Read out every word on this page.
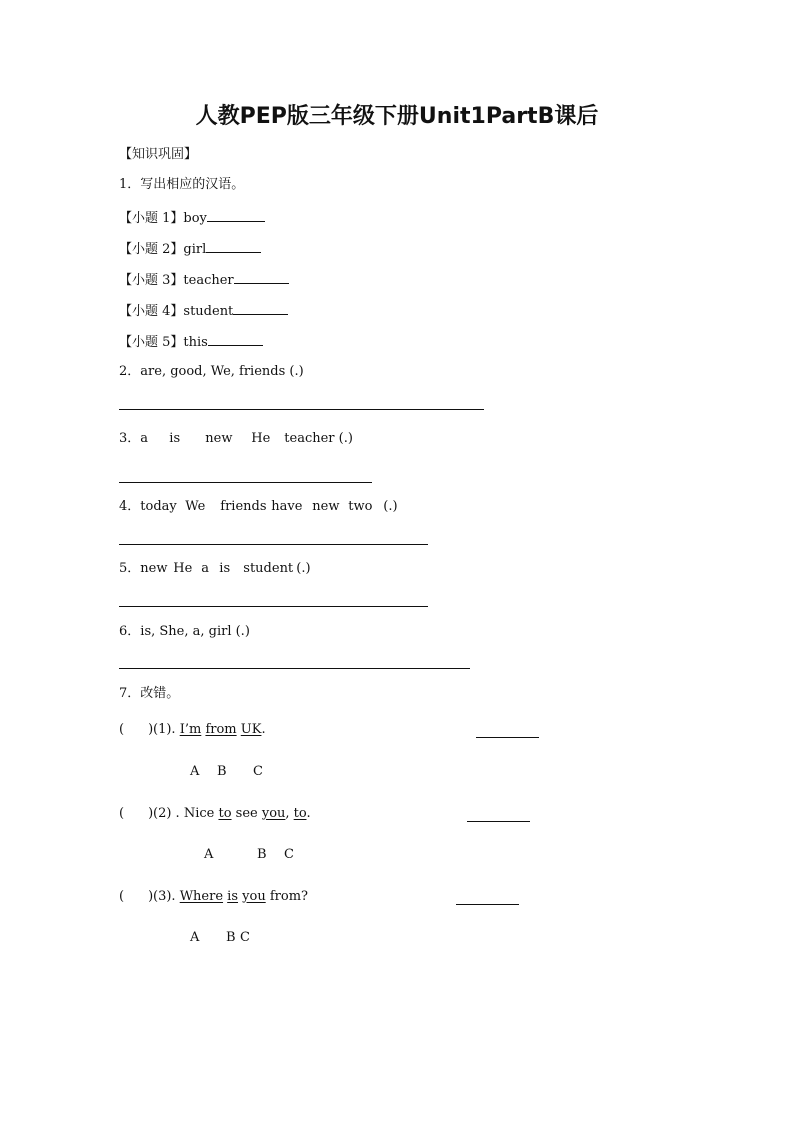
人教PEP版三年级下册Unit1PartB课后
【知识巩固】
1．写出相应的汉语。
【小题 1】boy
【小题 2】girl
【小题 3】teacher
【小题 4】student
【小题 5】this
2．are, good, We, friends (.)
3．a is new He teacher (.)
4．today We friends have new two (.)
5．new He a is student (.)
6．is, She, a, girl (.)
7．改错。
( )(1). I’m from UK.
A B C
( )(2) . Nice to see you, to.
A	B C
( )(3). Where is you from?
A B C
